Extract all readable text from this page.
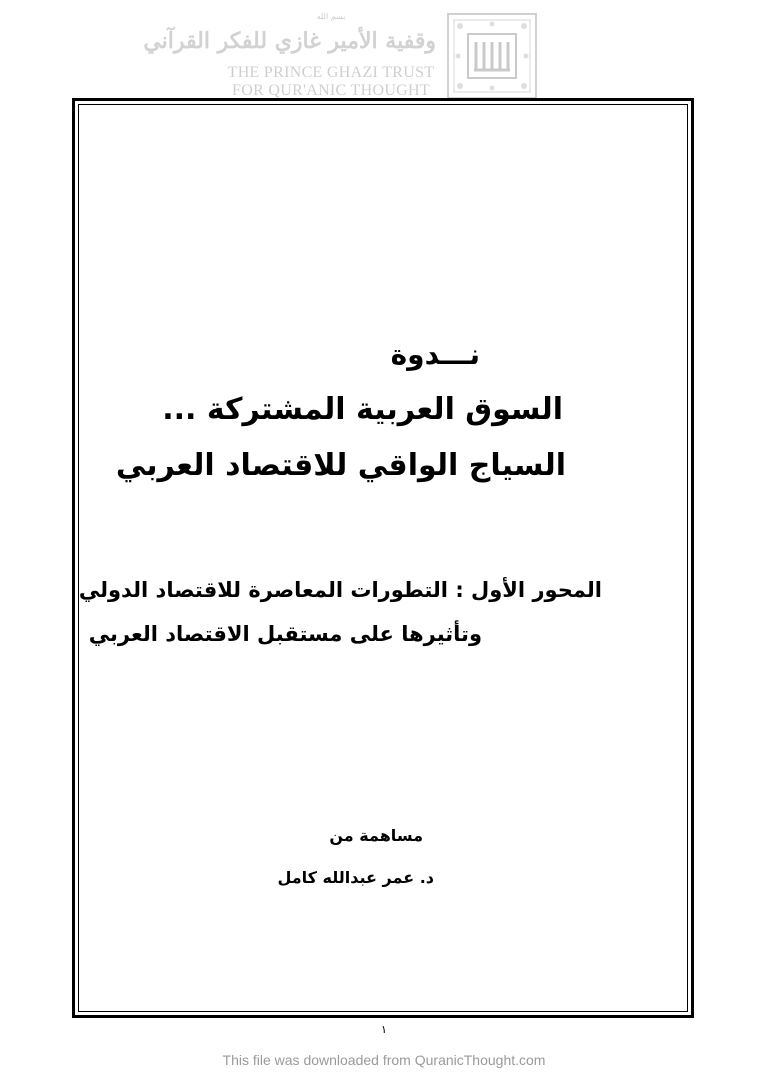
بسم الله
وقفية الأمير غازي للفكر القرآني
THE PRINCE GHAZI TRUST
FOR QUR'ANIC THOUGHT
نـــدوة
السوق العربية المشتركة ...
السياج الواقي للاقتصاد العربي
المحور الأول : التطورات المعاصرة للاقتصاد الدولي
وتأثيرها على مستقبل الاقتصاد العربي
مساهمة من
د. عمر عبدالله كامل
١
This file was downloaded from QuranicThought.com
